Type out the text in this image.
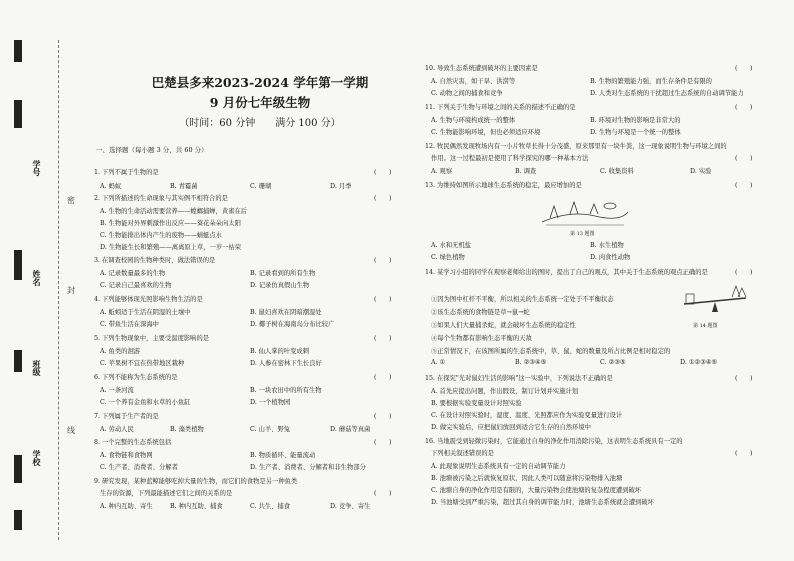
学号
姓名
班级
学校
密
封
线
巴楚县多来2023-2024 学年第一学期
9 月份七年级生物
（时间：60 分钟　　满分 100 分）
一、选择题（每小题 3 分，共 60 分）
1. 下列不属于生物的是	(　　)
A. 蚂蚁	B. 青霉菌	C. 珊瑚	D. 月季
2. 下列所描述的生命现象与其实例不相符合的是	(　　)
A. 生物的生命活动需要营养——螳螂捕蝉，黄雀在后
B. 生物能对外界刺激作出反应——葵花朵朵向太阳
C. 生物能排出体内产生的废物——蜻蜓点水
D. 生物能生长和繁殖——离离原上草，一岁一枯荣
3. 在调查校园的生物种类时，做法错误的是	(　　)
A. 记录数量最多的生物	B. 记录看到的所有生物
C. 记录自己最喜欢的生物	D. 记录仿真假山生物
4. 下列能够体现光照影响生物生活的是	(　　)
A. 蚯蚓适于生活在阴湿的土壤中	B. 鼠妇喜欢在阴暗潮湿处
C. 带鱼生活在深海中	D. 椰子树在海南岛分布比较广
5. 下列生物现象中，主要受温度影响的是	(　　)
A. 鱼类的洄游	B. 仙人掌的叶变成刺
C. 苹果树不宜在热带地区栽种	D. 人参在密林下生长良好
6. 下列不能称为生态系统的是	(　　)
A. 一条河流	B. 一块农田中的所有生物
C. 一个养有金鱼和水草的小鱼缸	D. 一个植物园
7. 下列属于生产者的是	(　　)
A. 劳动人民	B. 藻类植物	C. 山羊、野兔	D. 蘑菇等真菌
8. 一个完整的生态系统包括	(　　)
A. 食物链和食物网	B. 物质循环、能量流动
C. 生产者、消费者、分解者	D. 生产者、消费者、分解者和非生物部分
9. 研究发现，某种蓝鲸能够吃掉大量的生物，而它们的食物是另一种鱼类
生存的资源，下列最能描述它们之间的关系的是	(　　)
A. 种内互助、寄生	B. 种内互助、捕食	C. 共生、捕食	D. 竞争、寄生
10. 导致生态系统遭到破坏的主要因素是	(　　)
A. 自然灾害，如干旱、洪涝等	B. 生物的繁殖能力强，而生存条件是有限的
C. 动物之间的捕食和竞争	D. 人类对生态系统的干扰超过生态系统的自动调节能力
11. 下列关于生物与环境之间的关系的描述不正确的是	(　　)
A. 生物与环境构成统一的整体	B. 环境对生物的影响是非常大的
C. 生物能影响环境，但也必须适应环境	D. 生物与环境是一个统一的整体
12. 牧民偶然发现牧场内有一小片牧草长得十分茂盛，原来那里有一块牛粪，这一现象说明生物与环境之间的
作用。这一过程最初是使用了科学探究的哪一种基本方法	(　　)
A. 观察	B. 调查	C. 收集资料	D. 实验
13. 为维持如图所示地球生态系统的稳定，最应增加的是	(　　)
第 13 题图
A. 水和无机盐	B. 水生植物
C. 绿色植物	D. 肉食性动物
14. 某学习小组的同学在观察老师给出的图时，提出了自己的观点，其中关于生态系统的观点正确的是	(　　)
①因为图中杠杆不平衡，所以相关的生态系统一定处于不平衡状态
②该生态系统的食物链是草→鼠→蛇
③如果人们大量捕杀蛇，就会破坏生态系统的稳定性
④每个生物都有影响生态平衡的天敌
⑤正常情况下，在该图所属的生态系统中，草、鼠、蛇的数量及所占比例是相对稳定的
第 14 题图
A. ①	B. ②③④⑤	C. ②③⑤	D. ①②③④⑤
15. 在探究"光对鼠妇生活的影响"这一实验中，下列说法不正确的是	(　　)
A. 首先应提出问题，作出假设，制订计划并实施计划
B. 要根据实验变量设计对照实验
C. 在设计对照实验时，湿度、温度、光照都应作为实验变量进行设计
D. 做完实验后，应把鼠妇放回到适合它生存的自然环境中
16. 当地震受到轻微污染时，它能通过自身的净化作用消除污染，这表明生态系统具有一定的
下列相关叙述错误的是	(　　)
A. 此现象说明生态系统具有一定的自动调节能力
B. 池塘被污染之后就恢复原状，因此人类可以随意将污染物排入池塘
C. 池塘自身的净化作用是有限的，大量污染物会使池塘的复杂程度遭到破坏
D. 当池塘受到严重污染，超过其自身的调节能力时，池塘生态系统就会遭到破坏
